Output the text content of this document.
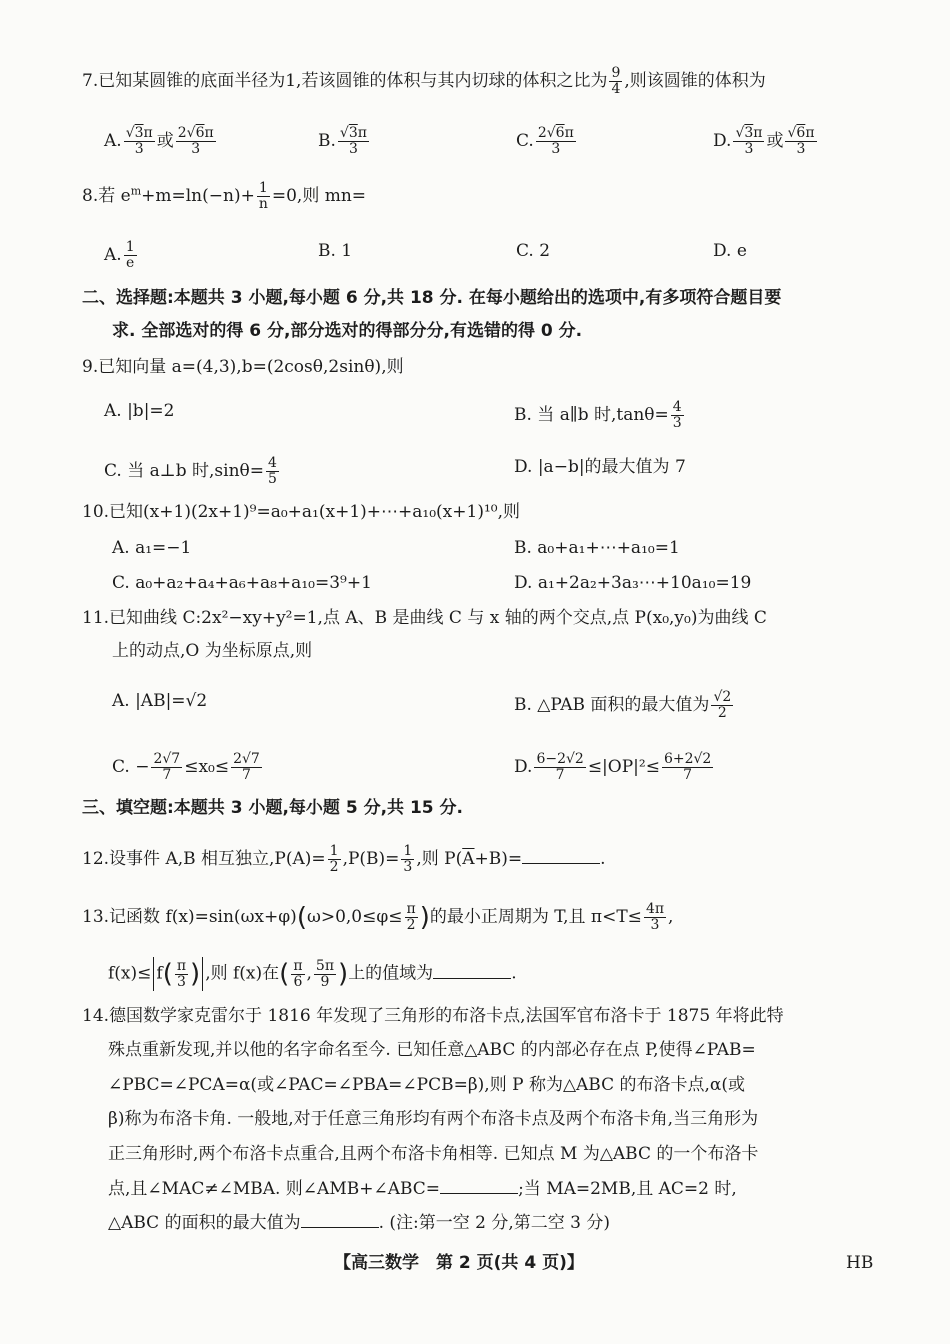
7.已知某圆锥的底面半径为1,若该圆锥的体积与其内切球的体积之比为 $\frac{9}{4}$ ,则该圆锥的体积为
A. $\frac{√3\pi}{3}$ 或 $\frac{2√6\pi}{3}$	B. $\frac{√3\pi}{3}$	C. $\frac{2√6\pi}{3}$	D. $\frac{√3\pi}{3}$ 或 $\frac{√6\pi}{3}$
8.若 $e^m+m=\ln(-n)+ \frac{1}{n} =0$,则 mn=
A. $\frac{1}{e}$	B. 1	C. 2	D. e
二、选择题:本题共 3 小题,每小题 6 分,共 18 分. 在每小题给出的选项中,有多项符合题目要
求. 全部选对的得 6 分,部分选对的得部分分,有选错的得 0 分.
9.已知向量 a=(4,3),b=(2cosθ,2sinθ),则
A. |b|=2	B. 当 a∥b 时$,\tan\theta= \frac{4}{3}$
C. 当 a⊥b 时$,\sin\theta= \frac{4}{5}$	D. |a−b|的最大值为 7
10.已知(x+1)(2x+1)⁹=a₀+a₁(x+1)+⋯+a₁₀(x+1)¹⁰,则
A. a₁=−1	B. a₀+a₁+⋯+a₁₀=1
C. a₀+a₂+a₄+a₆+a₈+a₁₀=3⁹+1	D. a₁+2a₂+3a₃⋯+10a₁₀=19
11.已知曲线 C:2x²−xy+y²=1,点 A、B 是曲线 C 与 x 轴的两个交点,点 P(x₀,y₀)为曲线 C
上的动点,O 为坐标原点,则
A. |AB|=√2	B. △PAB 面积的最大值为 $\frac{√2}{2}$
C. − $\frac{2√7}{7} \le x_0\le \frac{2√7}{7}$	D. $\frac{6-2√2}{7} \le|OP|^2\le \frac{6+2√2}{7}$
三、填空题:本题共 3 小题,每小题 5 分,共 15 分.
12.设事件 A,B 相互独立$,P(A)= \frac{1}{2} ,P(B)= \frac{1}{3}$ ,则 $P(\overline{A}+B)=$	.
13.记函数 $f(x)=\sin(\omega x+\varphi)(\omega>0,0\le\varphi\le \frac{\pi}{2}$ )的最小正周期为 T,且 $\pi<T\le \frac{4\pi}{3}$ ,
$f(x)\le f( \frac{\pi}{3}$ ) ,则 f(x)在( $\frac{\pi}{6}$ , $\frac{5\pi}{9}$ )上的值域为	.
14.德国数学家克雷尔于 1816 年发现了三角形的布洛卡点,法国军官布洛卡于 1875 年将此特
殊点重新发现,并以他的名字命名至今. 已知任意△ABC 的内部必存在点 P,使得∠PAB=
∠PBC=∠PCA=α(或∠PAC=∠PBA=∠PCB=β),则 P 称为△ABC 的布洛卡点,α(或
β)称为布洛卡角. 一般地,对于任意三角形均有两个布洛卡点及两个布洛卡角,当三角形为
正三角形时,两个布洛卡点重合,且两个布洛卡角相等. 已知点 M 为△ABC 的一个布洛卡
点,且∠MAC≠∠MBA. 则∠AMB+∠ABC=	;当 MA=2MB,且 AC=2 时,
△ABC 的面积的最大值为	. (注:第一空 2 分,第二空 3 分)
【高三数学　第 2 页(共 4 页)】	HB
